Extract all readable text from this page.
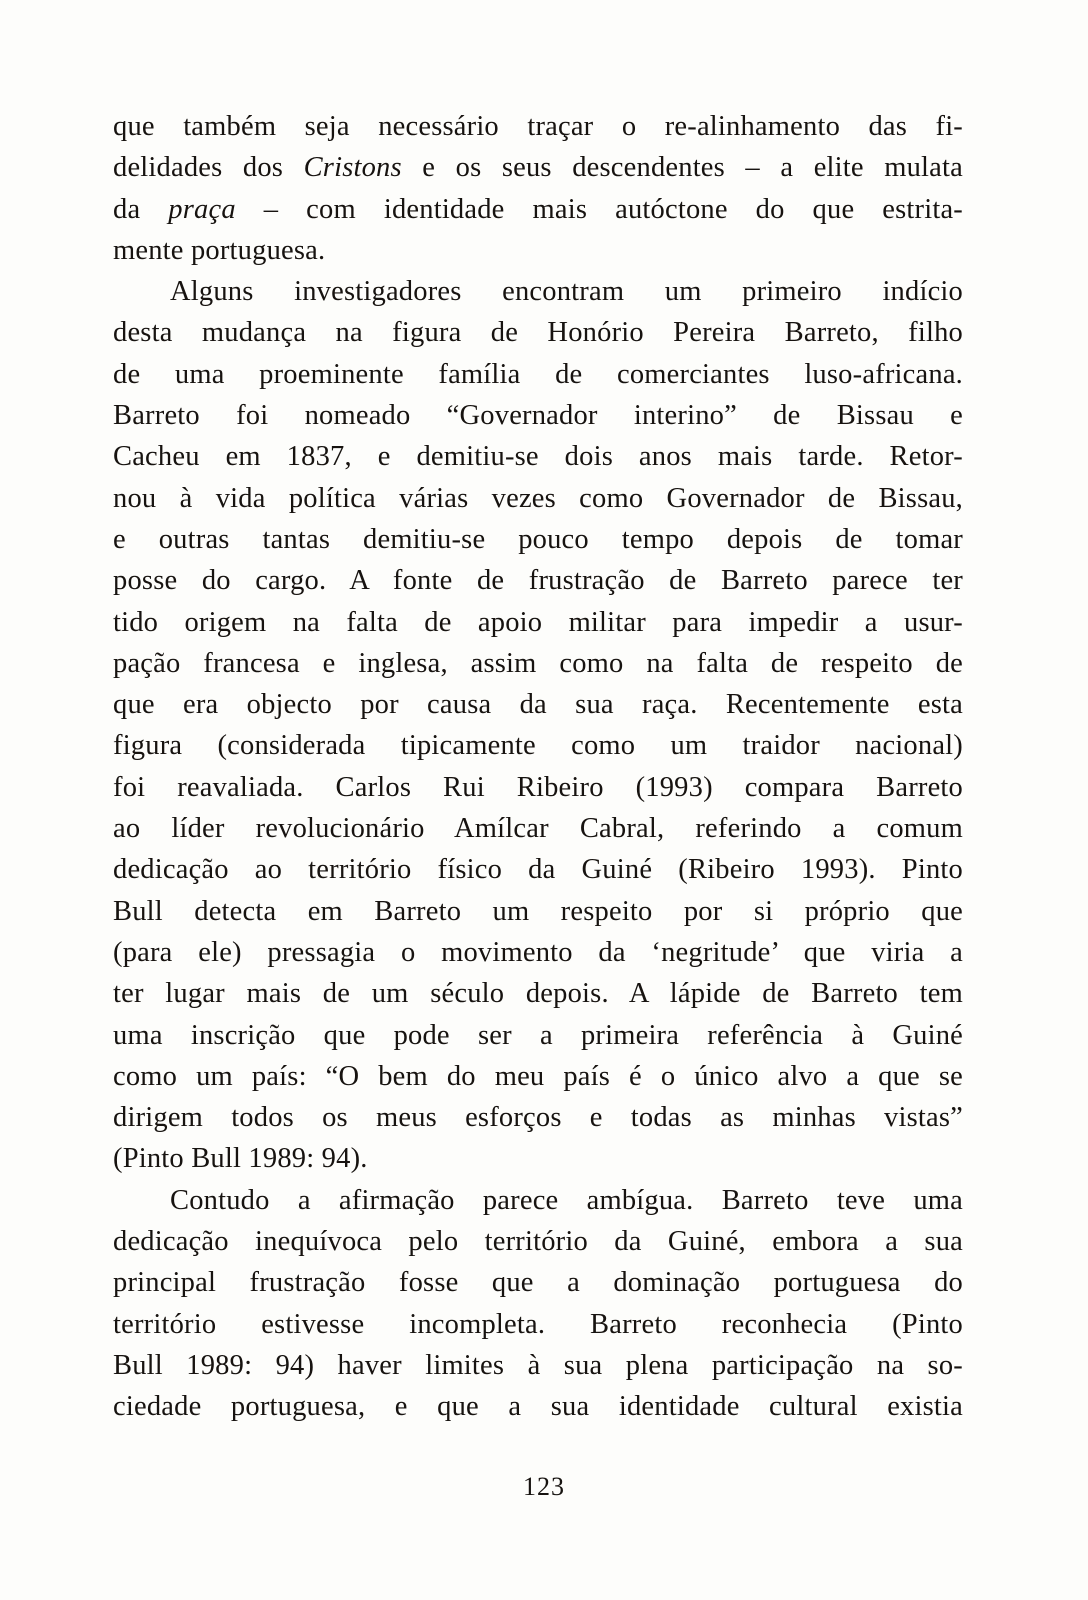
que também seja necessário traçar o re-alinhamento das fi-
delidades dos Cristons e os seus descendentes – a elite mulata
da praça – com identidade mais autóctone do que estrita-
mente portuguesa.
Alguns investigadores encontram um primeiro indício
desta mudança na figura de Honório Pereira Barreto, filho
de uma proeminente família de comerciantes luso-africana.
Barreto foi nomeado “Governador interino” de Bissau e
Cacheu em 1837, e demitiu-se dois anos mais tarde. Retor-
nou à vida política várias vezes como Governador de Bissau,
e outras tantas demitiu-se pouco tempo depois de tomar
posse do cargo. A fonte de frustração de Barreto parece ter
tido origem na falta de apoio militar para impedir a usur-
pação francesa e inglesa, assim como na falta de respeito de
que era objecto por causa da sua raça. Recentemente esta
figura (considerada tipicamente como um traidor nacional)
foi reavaliada. Carlos Rui Ribeiro (1993) compara Barreto
ao líder revolucionário Amílcar Cabral, referindo a comum
dedicação ao território físico da Guiné (Ribeiro 1993). Pinto
Bull detecta em Barreto um respeito por si próprio que
(para ele) pressagia o movimento da ‘negritude’ que viria a
ter lugar mais de um século depois. A lápide de Barreto tem
uma inscrição que pode ser a primeira referência à Guiné
como um país: “O bem do meu país é o único alvo a que se
dirigem todos os meus esforços e todas as minhas vistas”
(Pinto Bull 1989: 94).
Contudo a afirmação parece ambígua. Barreto teve uma
dedicação inequívoca pelo território da Guiné, embora a sua
principal frustração fosse que a dominação portuguesa do
território estivesse incompleta. Barreto reconhecia (Pinto
Bull 1989: 94) haver limites à sua plena participação na so-
ciedade portuguesa, e que a sua identidade cultural existia
123
